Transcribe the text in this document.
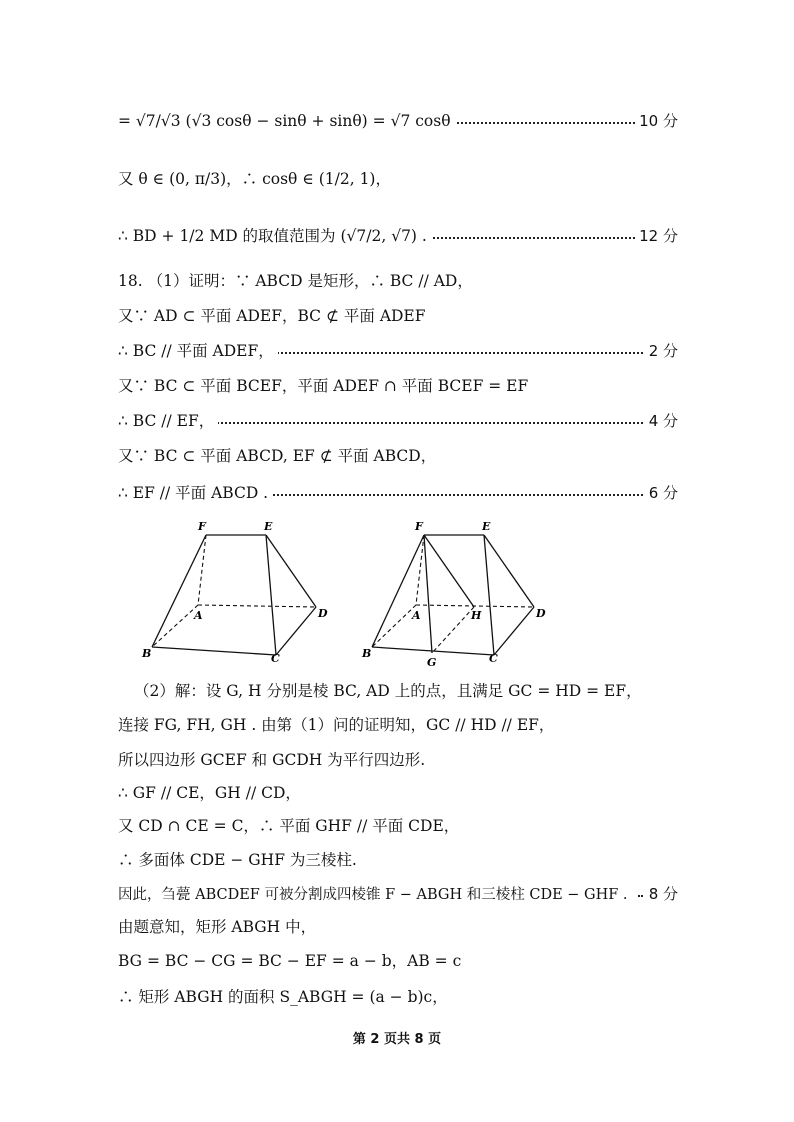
= √7/√3 (√3 cosθ − sinθ + sinθ) = √7 cosθ	10 分
又 θ ∈ (0, π/3)，∴ cosθ ∈ (1/2, 1)，
∴ BD + 1/2 MD 的取值范围为 (√7/2, √7) .	12 分
18. （1）证明：∵ ABCD 是矩形，∴ BC // AD，
又∵ AD ⊂ 平面 ADEF，BC ⊄ 平面 ADEF
∴ BC // 平面 ADEF，	2 分
又∵ BC ⊂ 平面 BCEF，平面 ADEF ∩ 平面 BCEF = EF
∴ BC // EF，	4 分
又∵ BC ⊂ 平面 ABCD, EF ⊄ 平面 ABCD，
∴ EF // 平面 ABCD .	6 分
F	E
A	D
B	C
F	E
A	H	D
B
G	C
（2）解：设 G, H 分别是棱 BC, AD 上的点，且满足 GC = HD = EF，
连接 FG, FH, GH . 由第（1）问的证明知，GC // HD // EF，
所以四边形 GCEF 和 GCDH 为平行四边形.
∴ GF // CE，GH // CD，
又 CD ∩ CE = C，∴ 平面 GHF // 平面 CDE，
∴ 多面体 CDE − GHF 为三棱柱.
因此，刍甍 ABCDEF 可被分割成四棱锥 F − ABGH 和三棱柱 CDE − GHF . 8 分
由题意知，矩形 ABGH 中，
BG = BC − CG = BC − EF = a − b，AB = c
∴ 矩形 ABGH 的面积 S_ABGH = (a − b)c，
第 2 页共 8 页
